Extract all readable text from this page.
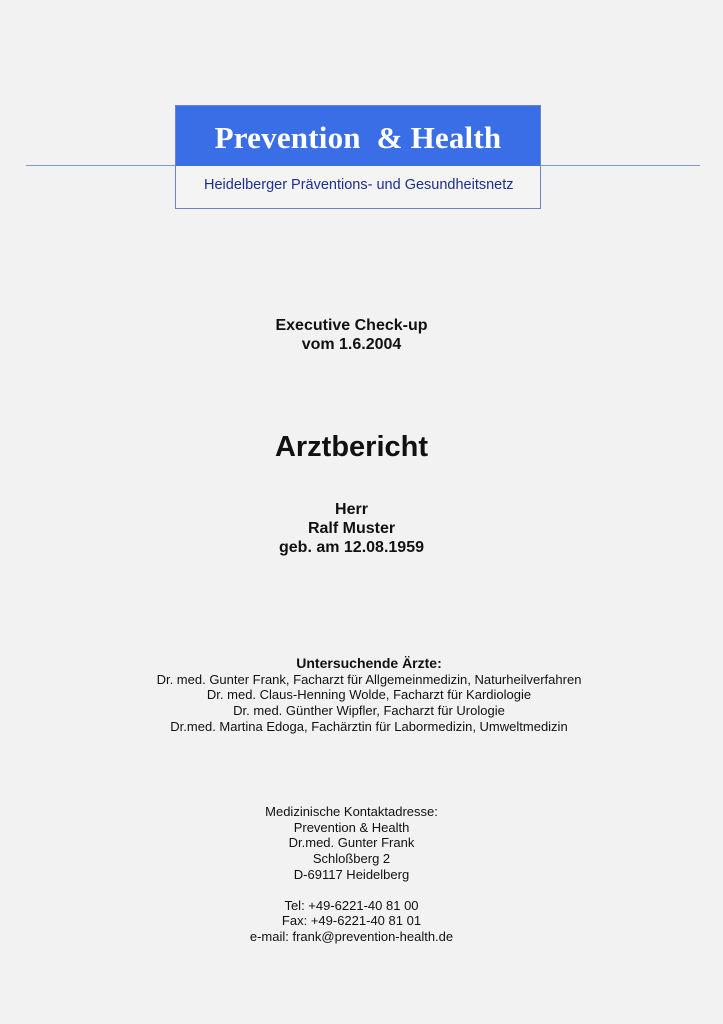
Prevention  & Health
Heidelberger Präventions- und Gesundheitsnetz
Executive Check-up
vom 1.6.2004
Arztbericht
Herr
Ralf Muster
geb. am 12.08.1959
Untersuchende Ärzte:
Dr. med. Gunter Frank, Facharzt für Allgemeinmedizin, Naturheilverfahren
Dr. med. Claus-Henning Wolde, Facharzt für Kardiologie
Dr. med. Günther Wipfler, Facharzt für Urologie
Dr.med. Martina Edoga, Fachärztin für Labormedizin, Umweltmedizin
Medizinische Kontaktadresse:
Prevention & Health
Dr.med. Gunter Frank
Schloßberg 2
D-69117 Heidelberg
Tel: +49-6221-40 81 00
Fax: +49-6221-40 81 01
e-mail: frank@prevention-health.de
